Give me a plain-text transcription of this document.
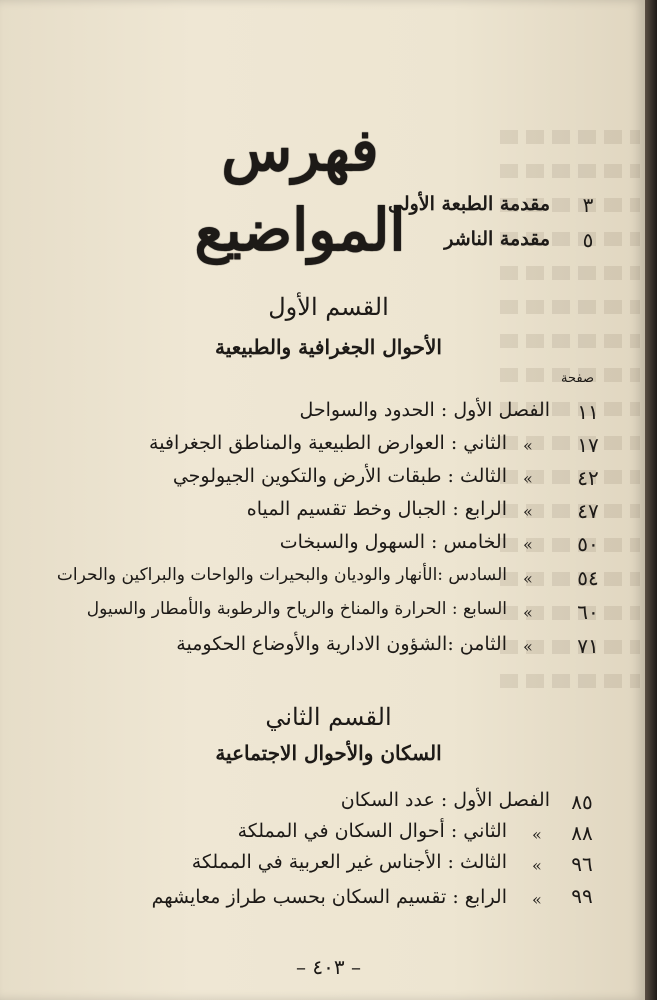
فهرس المواضيع	٣
مقدمة الطبعة الأولى
٥
مقدمة الناشر
القسم الأول
الأحوال الجغرافية والطبيعية
صفحة
١١
الفصل الأول : الحدود والسواحل
١٧
«
الثاني : العوارض الطبيعية والمناطق الجغرافية
٤٢
«
الثالث : طبقات الأرض والتكوين الجيولوجي
٤٧
«
الرابع : الجبال وخط تقسيم المياه
٥٠
«
الخامس : السهول والسبخات
٥٤
«
السادس :الأنهار والوديان والبحيرات والواحات والبراكين والحرات
٦٠
«
السابع : الحرارة والمناخ والرياح والرطوبة والأمطار والسيول
٧١
«
الثامن :الشؤون الادارية والأوضاع الحكومية
القسم الثاني
السكان والأحوال الاجتماعية
٨٥
الفصل الأول : عدد السكان
٨٨
«
الثاني : أحوال السكان في المملكة
٩٦
«
الثالث : الأجناس غير العربية في المملكة
٩٩
«
الرابع : تقسيم السكان بحسب طراز معايشهم
– ٤٠٣ –
